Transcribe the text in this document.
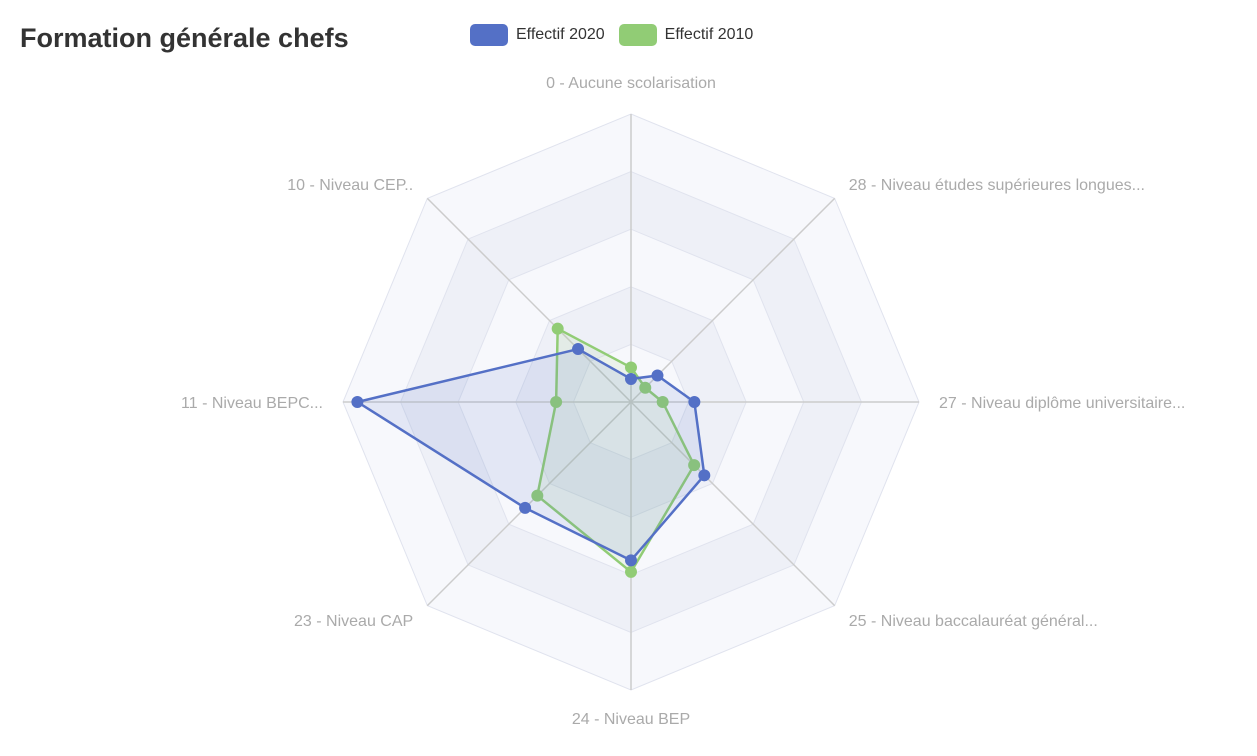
Formation générale chefs	Effectif 2020	Effectif 2010
0 - Aucune scolarisation
28 - Niveau études supérieures longues...
27 - Niveau diplôme universitaire...
25 - Niveau baccalauréat général...
24 - Niveau BEP
23 - Niveau CAP
11 - Niveau BEPC...
10 - Niveau CEP..
